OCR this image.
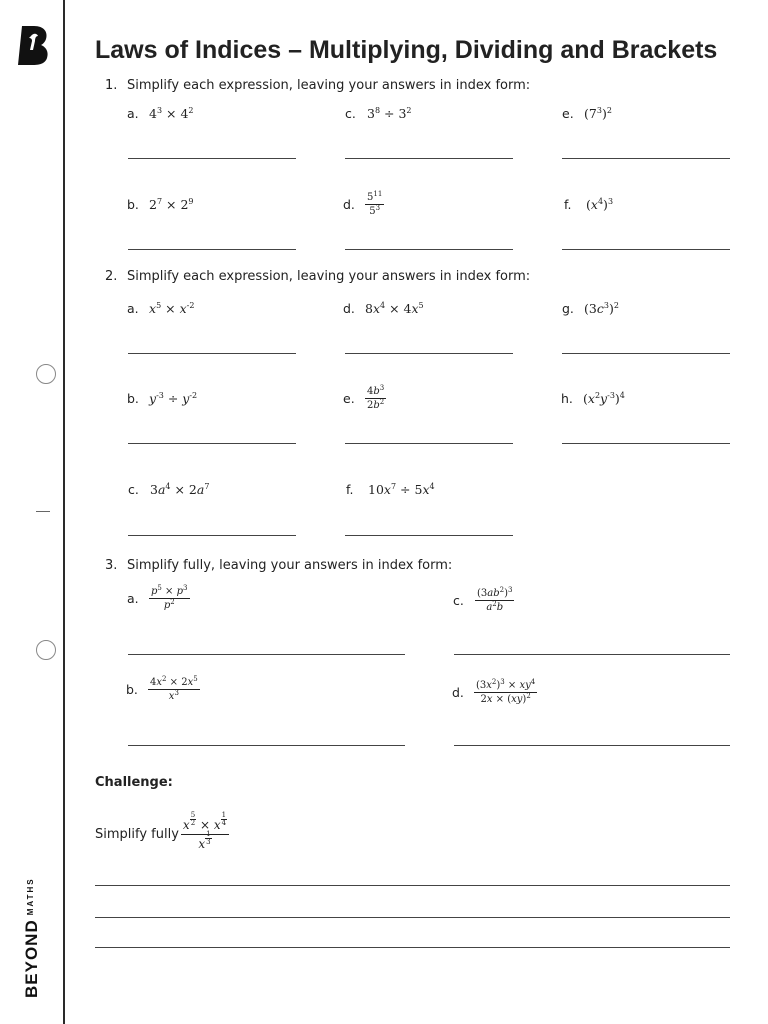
$BEYOND^{MATHS}$
Laws of Indices – Multiplying, Dividing and Brackets
1. Simplify each expression, leaving your answers in index form:
a. $4^3 \times 4^2$	c. $3^8 \div 3^2$	e. $(7^3)^2$
b. $2^7 \times 2^9$	d.	$\frac{5^{11}}{5^3}$	f.	$(x^4)^3$
2. Simplify each expression, leaving your answers in index form:
a. $x^5 \times x^{-2}$	d. $8x^4 \times 4x^5$	g. $(3c^3)^2$
b. $y^{-3} \div y^{-2}$	e.	$\frac{4b^3}{2b^2}$	h. $(x^2y^{-3})^4$
c. $3a^4 \times 2a^7$	f.	$10x^7 \div 5x^4$
3. Simplify fully, leaving your answers in index form:
a.	$\frac{p^5 \times p^3}{p^2}$	c.	$\frac{(3ab^2)^3}{a^2b}$
b.	$\frac{4x^2 \times 2x^5}{x^3}$	d.	$\frac{(3x^2)^3 \times xy^4}{2x \times (xy)^2}$
Challenge:
Simplify fully
x
5
2 × x
1
4
x
1
3
